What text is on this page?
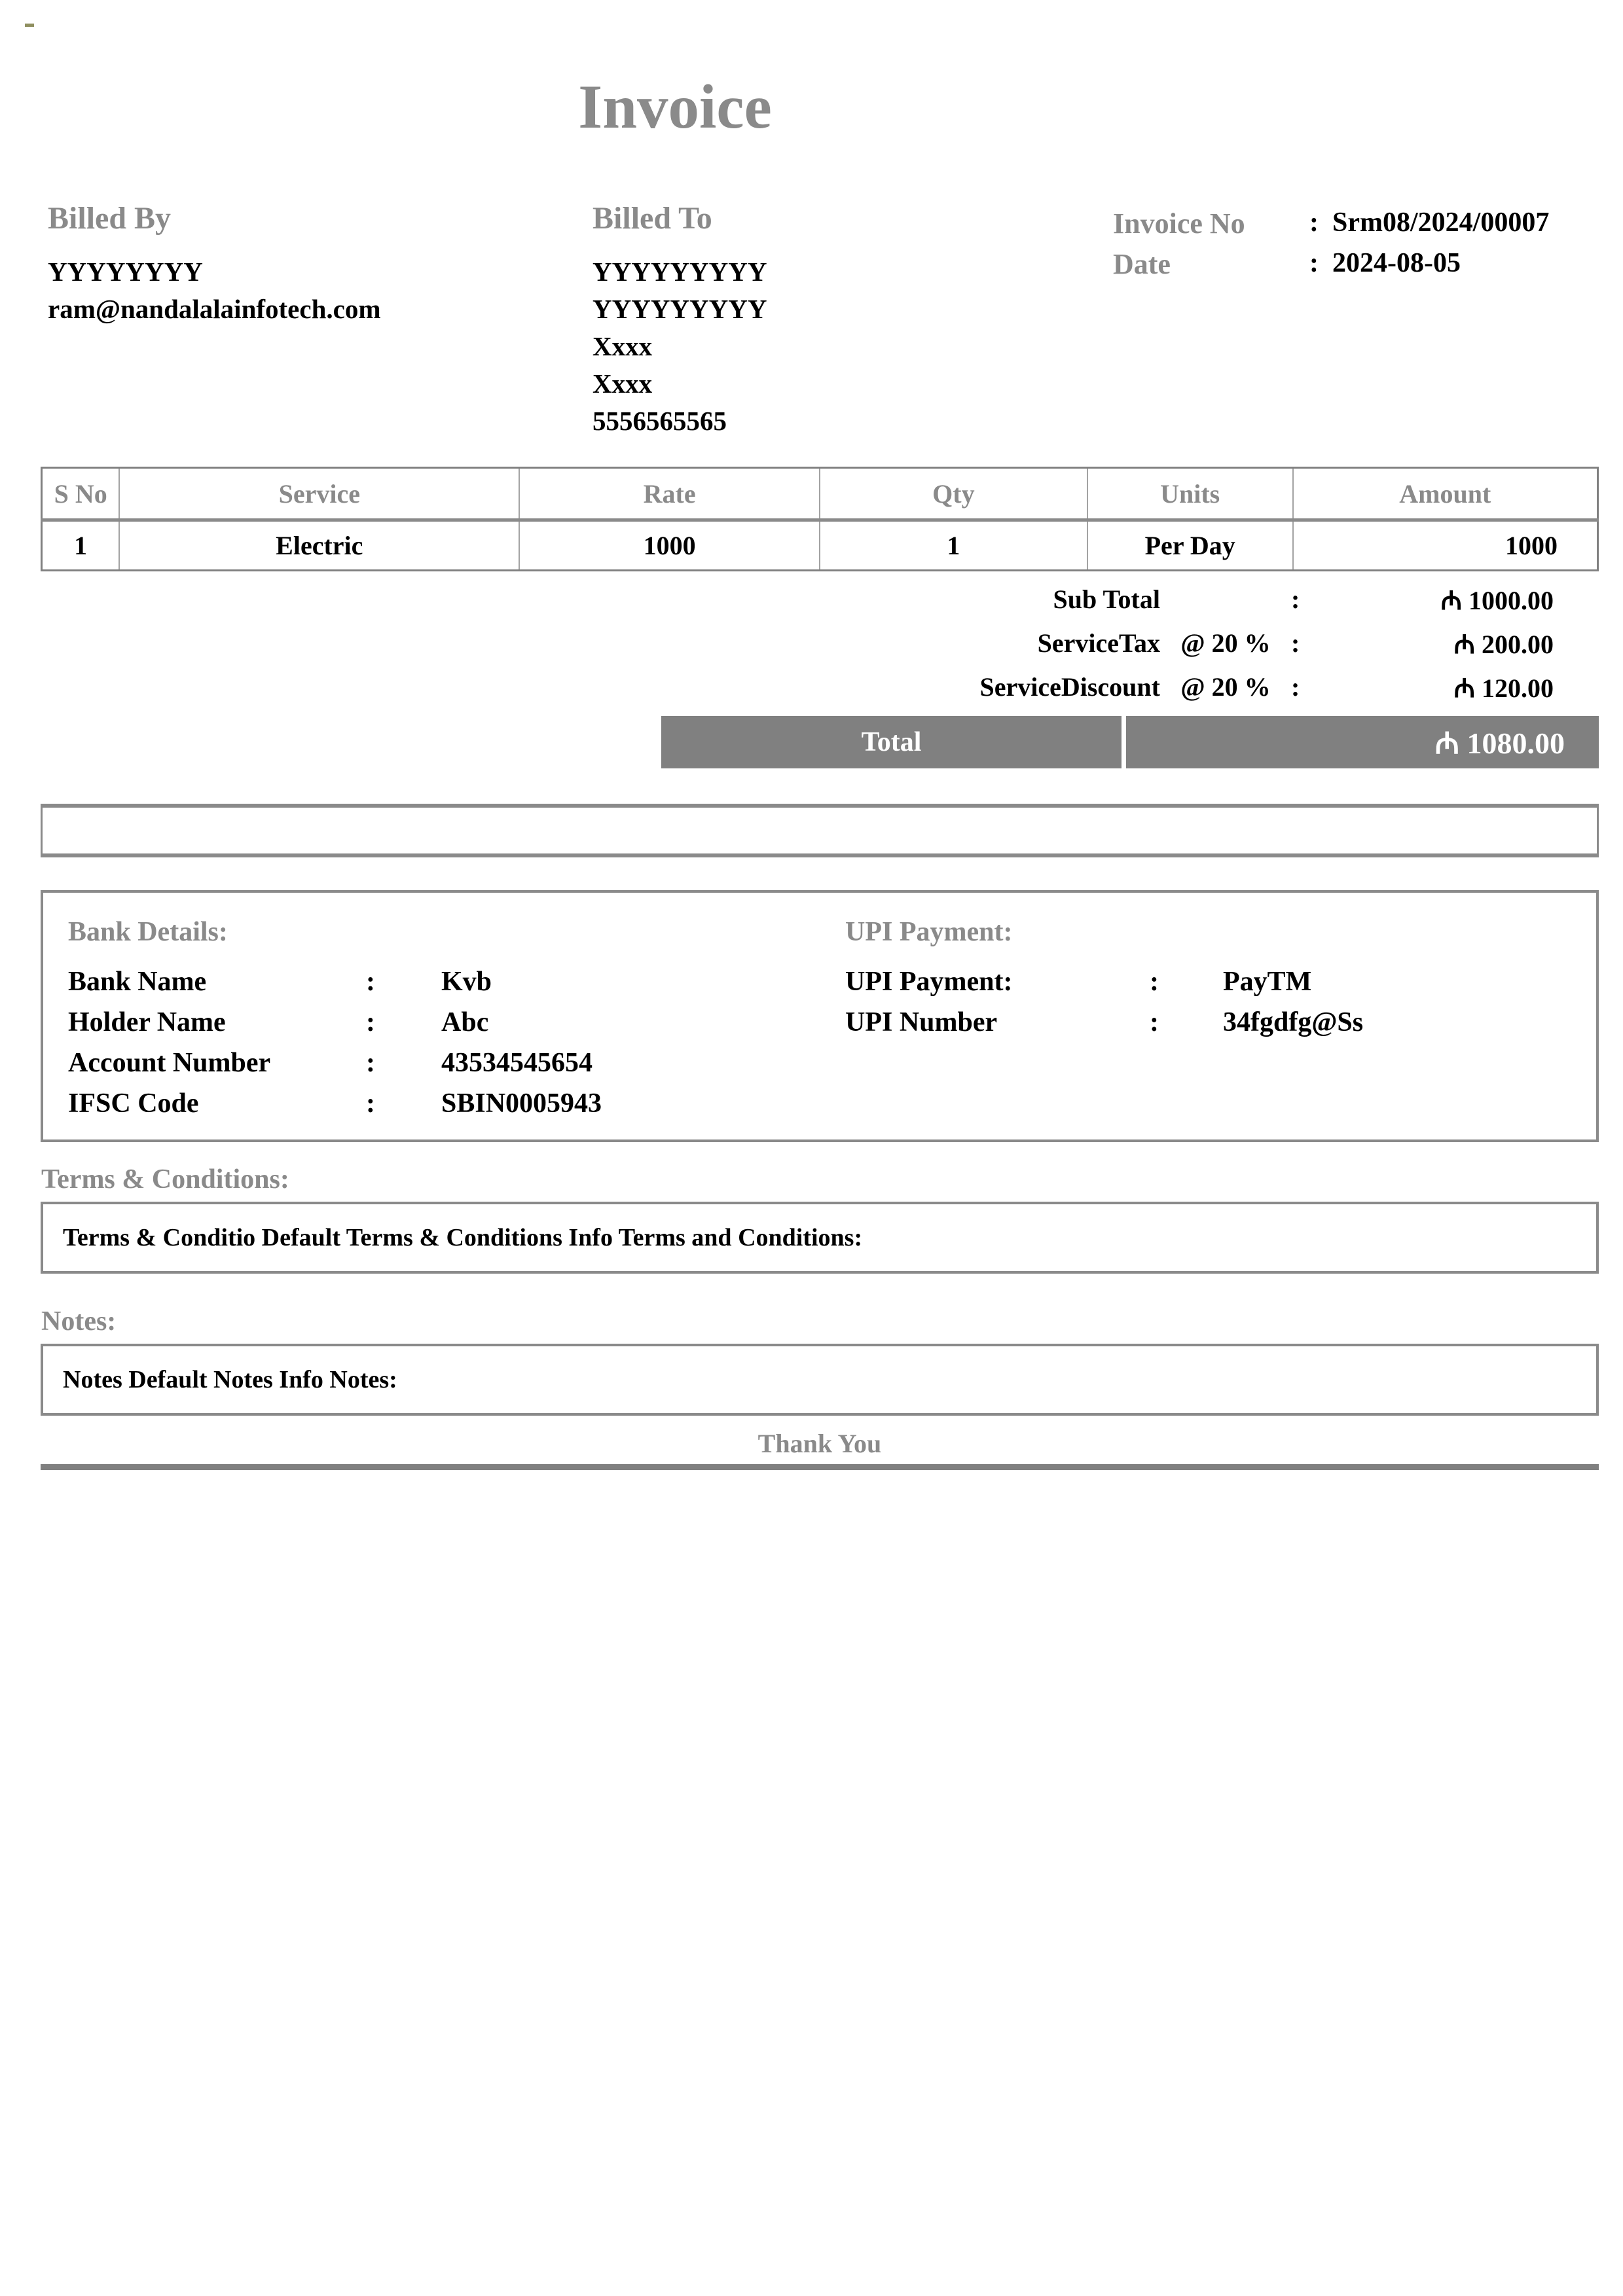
Invoice
Billed By
YYYYYYYY
ram@nandalalainfotech.com
Billed To
YYYYYYYYY
YYYYYYYYY
Xxxx
Xxxx
5556565565
Invoice No	: Srm08/2024/00007
Date	: 2024-08-05
S No	Service	Rate	Qty	Units	Amount
1	Electric	1000	1	Per Day	1000
Sub Total	:	₼ 1000.00
ServiceTax @ 20 % :	₼ 200.00
ServiceDiscount @ 20 % :	₼ 120.00
Total	₼ 1080.00
Bank Details:
Bank Name	:	Kvb
Holder Name	:	Abc
Account Number	:	43534545654
IFSC Code	:	SBIN0005943
UPI Payment:
UPI Payment:	:	PayTM
UPI Number	:	34fgdfg@Ss
Terms & Conditions:
Terms & Conditio Default Terms & Conditions Info Terms and Conditions:
Notes:
Notes Default Notes Info Notes:
Thank You
